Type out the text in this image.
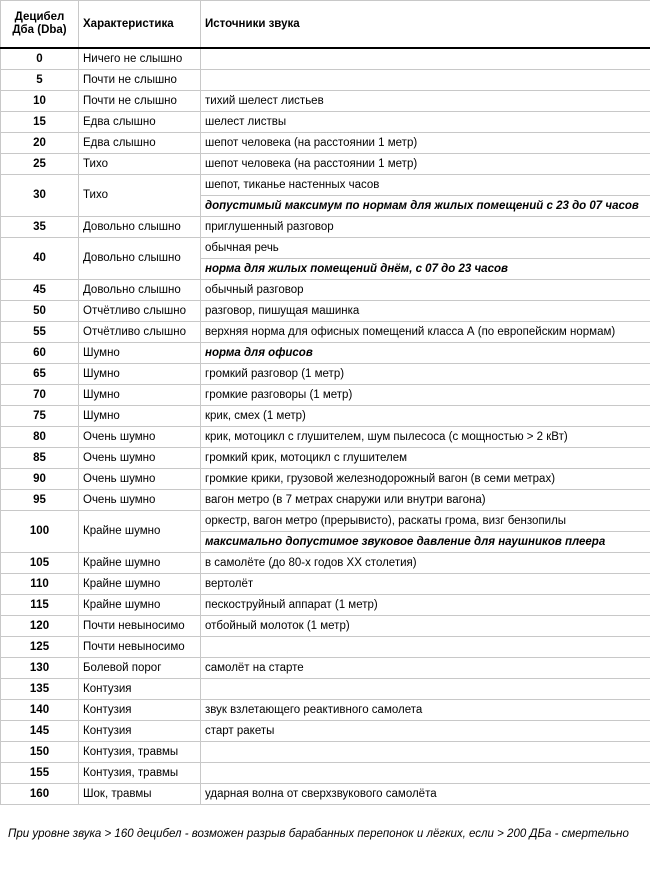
Децибел Дба (Dba)	Характеристика	Источники звука
0	Ничего не слышно	
5	Почти не слышно	
10	Почти не слышно	тихий шелест листьев
15	Едва слышно	шелест листвы
20	Едва слышно	шепот человека (на расстоянии 1 метр)
25	Тихо	шепот человека (на расстоянии 1 метр)
30	Тихо	шепот, тиканье настенных часов
		допустимый максимум по нормам для жилых помещений с 23 до 07 часов
35	Довольно слышно	приглушенный разговор
40	Довольно слышно	обычная речь
		норма для жилых помещений днём, с 07 до 23 часов
45	Довольно слышно	обычный разговор
50	Отчётливо слышно	разговор, пишущая машинка
55	Отчётливо слышно	верхняя норма для офисных помещений класса А (по европейским нормам)
60	Шумно	норма для офисов
65	Шумно	громкий разговор (1 метр)
70	Шумно	громкие разговоры (1 метр)
75	Шумно	крик, смех (1 метр)
80	Очень шумно	крик, мотоцикл с глушителем, шум пылесоса (с мощностью > 2 кВт)
85	Очень шумно	громкий крик, мотоцикл с глушителем
90	Очень шумно	громкие крики, грузовой железнодорожный вагон (в семи метрах)
95	Очень шумно	вагон метро (в 7 метрах снаружи или внутри вагона)
100	Крайне шумно	оркестр, вагон метро (прерывисто), раскаты грома, визг бензопилы
		максимально допустимое звуковое давление для наушников плеера
105	Крайне шумно	в самолёте (до 80-х годов XX столетия)
110	Крайне шумно	вертолёт
115	Крайне шумно	пескоструйный аппарат (1 метр)
120	Почти невыносимо	отбойный молоток (1 метр)
125	Почти невыносимо	
130	Болевой порог	самолёт на старте
135	Контузия	
140	Контузия	звук взлетающего реактивного самолета
145	Контузия	старт ракеты
150	Контузия, травмы	
155	Контузия, травмы	
160	Шок, травмы	ударная волна от сверхзвукового самолёта
При уровне звука > 160 децибел - возможен разрыв барабанных перепонок и лёгких, если > 200 ДБа - смертельно
